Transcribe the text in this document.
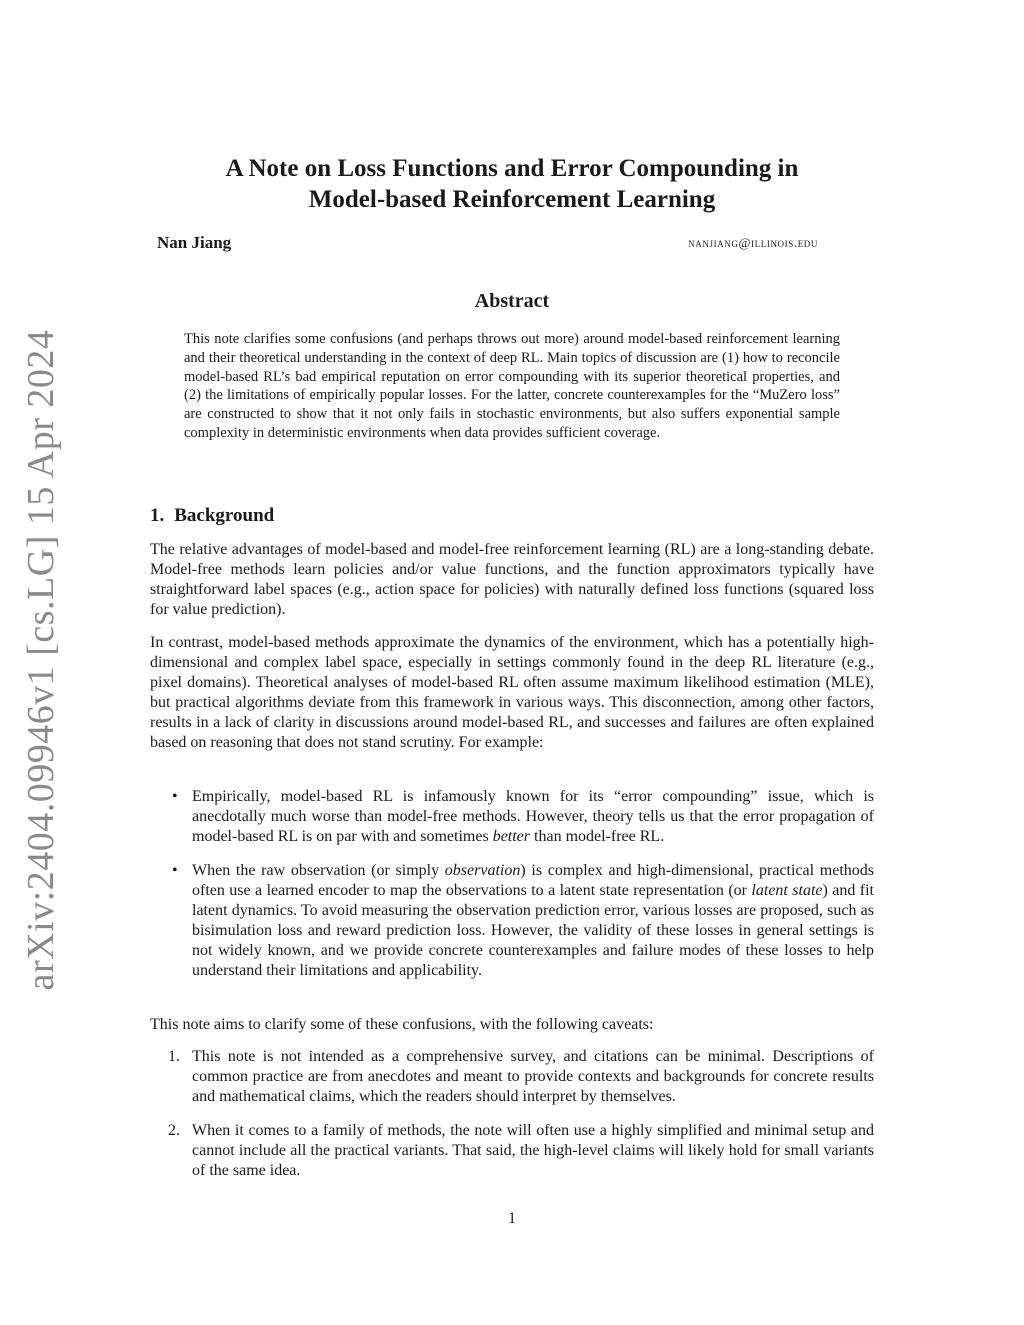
arXiv:2404.09946v1 [cs.LG] 15 Apr 2024
A Note on Loss Functions and Error Compounding in
Model-based Reinforcement Learning
Nan Jiang	nanjiang@illinois.edu
Abstract
This note clarifies some confusions (and perhaps throws out more) around model-based reinforcement learning and their theoretical understanding in the context of deep RL. Main topics of discussion are (1) how to reconcile model-based RL’s bad empirical reputation on error compounding with its superior theoretical properties, and (2) the limitations of empirically popular losses. For the latter, concrete counterexamples for the “MuZero loss” are constructed to show that it not only fails in stochastic environments, but also suffers exponential sample complexity in deterministic environments when data provides sufficient coverage.
1. Background
The relative advantages of model-based and model-free reinforcement learning (RL) are a long-standing debate. Model-free methods learn policies and/or value functions, and the function approximators typically have straightforward label spaces (e.g., action space for policies) with naturally defined loss functions (squared loss for value prediction).
In contrast, model-based methods approximate the dynamics of the environment, which has a potentially high-dimensional and complex label space, especially in settings commonly found in the deep RL literature (e.g., pixel domains). Theoretical analyses of model-based RL often assume maximum likelihood estimation (MLE), but practical algorithms deviate from this framework in various ways. This disconnection, among other factors, results in a lack of clarity in discussions around model-based RL, and successes and failures are often explained based on reasoning that does not stand scrutiny. For example:
• Empirically, model-based RL is infamously known for its “error compounding” issue, which is anecdotally much worse than model-free methods. However, theory tells us that the error propagation of model-based RL is on par with and sometimes better than model-free RL.
• When the raw observation (or simply observation) is complex and high-dimensional, practical methods often use a learned encoder to map the observations to a latent state representation (or latent state) and fit latent dynamics. To avoid measuring the observation prediction error, various losses are proposed, such as bisimulation loss and reward prediction loss. However, the validity of these losses in general settings is not widely known, and we provide concrete counterexamples and failure modes of these losses to help understand their limitations and applicability.
This note aims to clarify some of these confusions, with the following caveats:
1. This note is not intended as a comprehensive survey, and citations can be minimal. Descriptions of common practice are from anecdotes and meant to provide contexts and backgrounds for concrete results and mathematical claims, which the readers should interpret by themselves.
2. When it comes to a family of methods, the note will often use a highly simplified and minimal setup and cannot include all the practical variants. That said, the high-level claims will likely hold for small variants of the same idea.
1
